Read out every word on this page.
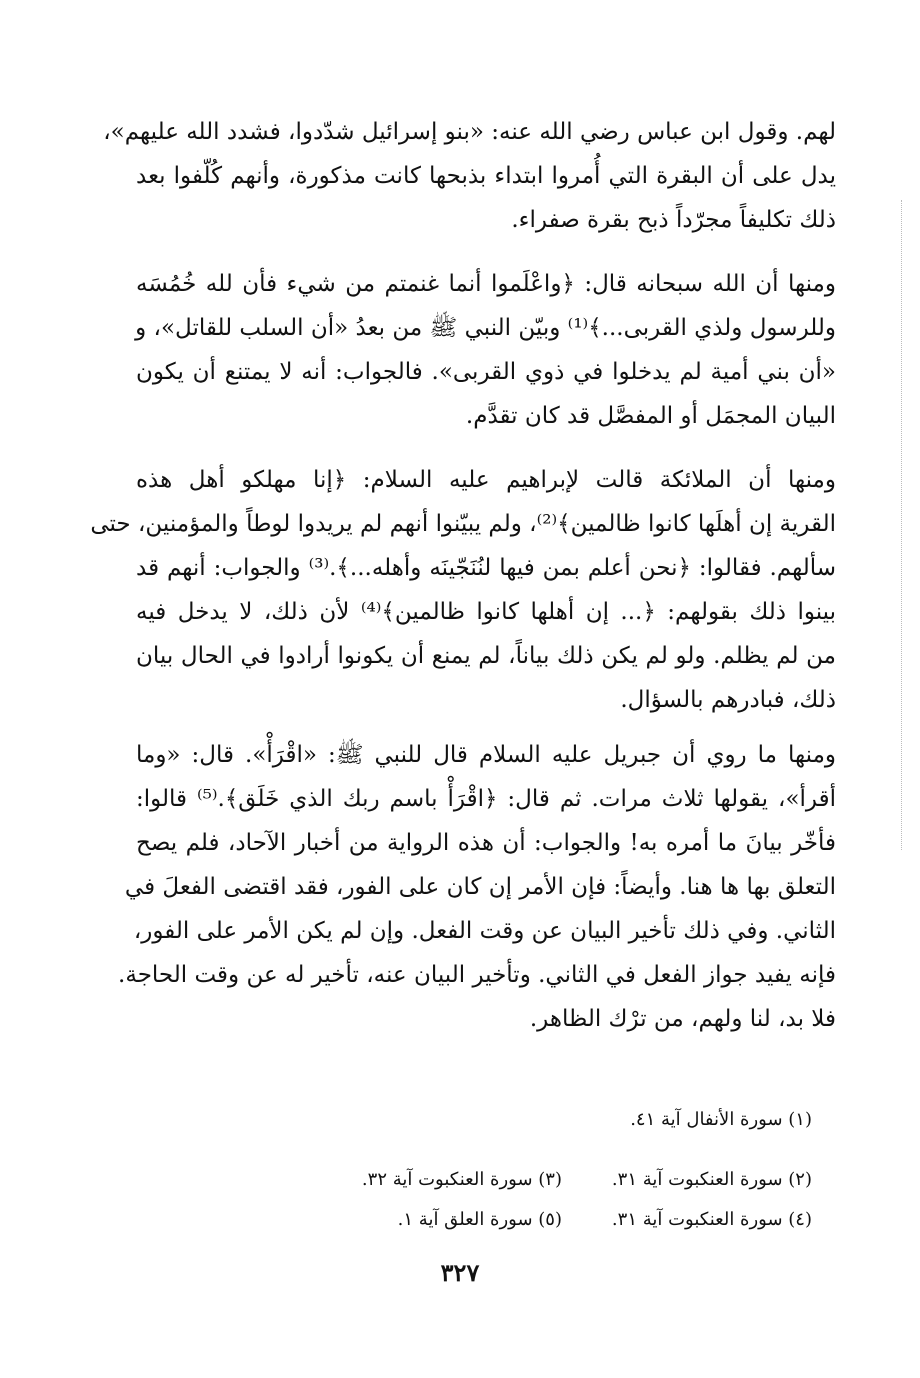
لهم. وقول ابن عباس رضي الله عنه: «بنو إسرائيل شدّدوا، فشدد الله عليهم»،
يدل على أن البقرة التي أُمروا ابتداء بذبحها كانت مذكورة، وأنهم كُلّفوا بعد
ذلك تكليفاً مجرّداً ذبح بقرة صفراء.
ومنها أن الله سبحانه قال: ﴿واعْلَموا أنما غنمتم من شيء فأن لله خُمُسَه
وللرسول ولذي القربى...﴾⁽¹⁾ وبيّن النبي ﷺ من بعدُ «أن السلب للقاتل»، و
«أن بني أمية لم يدخلوا في ذوي القربى». فالجواب: أنه لا يمتنع أن يكون
البيان المجمَل أو المفصَّل قد كان تقدَّم.
ومنها أن الملائكة قالت لإبراهيم عليه السلام: ﴿إنا مهلكو أهل هذه
القرية إن أهلَها كانوا ظالمين﴾⁽²⁾، ولم يبيّنوا أنهم لم يريدوا لوطاً والمؤمنين، حتى
سألهم. فقالوا: ﴿نحن أعلم بمن فيها لنُنَجّينَه وأهله...﴾.⁽³⁾ والجواب: أنهم قد
بينوا ذلك بقولهم: ﴿... إن أهلها كانوا ظالمين﴾⁽⁴⁾ لأن ذلك، لا يدخل فيه
من لم يظلم. ولو لم يكن ذلك بياناً، لم يمنع أن يكونوا أرادوا في الحال بيان
ذلك، فبادرهم بالسؤال.
ومنها ما روي أن جبريل عليه السلام قال للنبي ﷺ: «اقْرَأْ». قال: «وما
أقرأ»، يقولها ثلاث مرات. ثم قال: ﴿اقْرَأْ باسم ربك الذي خَلَق﴾.⁽⁵⁾ قالوا:
فأخّر بيانَ ما أمره به! والجواب: أن هذه الرواية من أخبار الآحاد، فلم يصح
التعلق بها ها هنا. وأيضاً: فإن الأمر إن كان على الفور، فقد اقتضى الفعلَ في
الثاني. وفي ذلك تأخير البيان عن وقت الفعل. وإن لم يكن الأمر على الفور،
فإنه يفيد جواز الفعل في الثاني. وتأخير البيان عنه، تأخير له عن وقت الحاجة.
فلا بد، لنا ولهم، من ترْك الظاهر.
(١) سورة الأنفال آية ٤١.
(٢) سورة العنكبوت آية ٣١.
(٣) سورة العنكبوت آية ٣٢.
(٤) سورة العنكبوت آية ٣١.
(٥) سورة العلق آية ١.
٣٢٧
